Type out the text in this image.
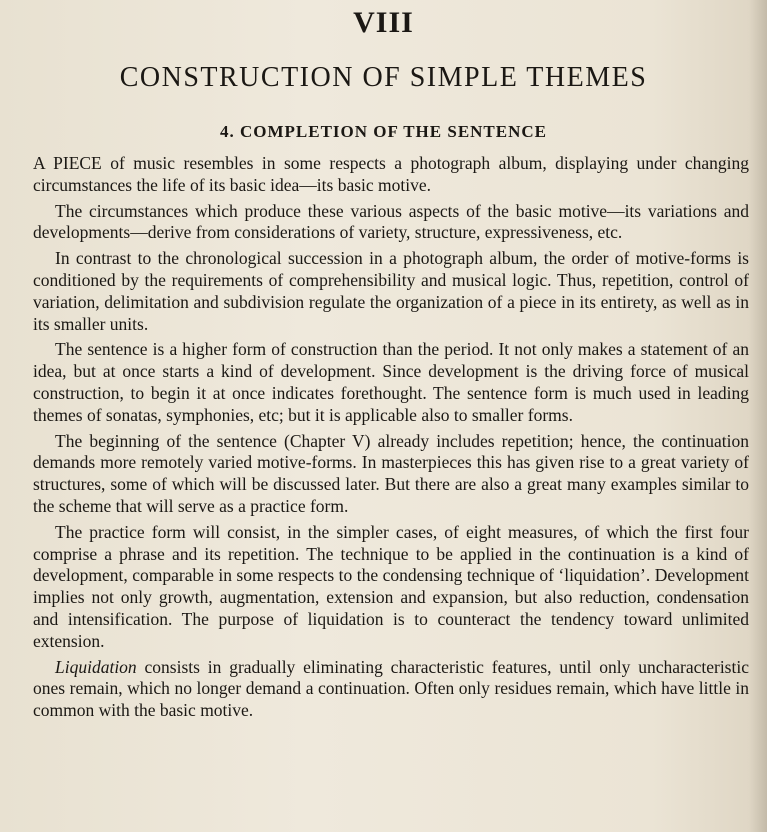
VIII
CONSTRUCTION OF SIMPLE THEMES
4. COMPLETION OF THE SENTENCE

A PIECE of music resembles in some respects a photograph album, displaying under changing circumstances the life of its basic idea—its basic motive.

The circumstances which produce these various aspects of the basic motive—its variations and developments—derive from considerations of variety, structure, expressiveness, etc.

In contrast to the chronological succession in a photograph album, the order of motive-forms is conditioned by the requirements of comprehensibility and musical logic. Thus, repetition, control of variation, delimitation and subdivision regulate the organization of a piece in its entirety, as well as in its smaller units.

The sentence is a higher form of construction than the period. It not only makes a statement of an idea, but at once starts a kind of development. Since development is the driving force of musical construction, to begin it at once indicates forethought. The sentence form is much used in leading themes of sonatas, symphonies, etc; but it is applicable also to smaller forms.

The beginning of the sentence (Chapter V) already includes repetition; hence, the continuation demands more remotely varied motive-forms. In masterpieces this has given rise to a great variety of structures, some of which will be discussed later. But there are also a great many examples similar to the scheme that will serve as a practice form.

The practice form will consist, in the simpler cases, of eight measures, of which the first four comprise a phrase and its repetition. The technique to be applied in the continuation is a kind of development, comparable in some respects to the condensing technique of ‘liquidation’. Development implies not only growth, augmentation, extension and expansion, but also reduction, condensation and intensification. The purpose of liquidation is to counteract the tendency toward unlimited extension.

Liquidation consists in gradually eliminating characteristic features, until only uncharacteristic ones remain, which no longer demand a continuation. Often only residues remain, which have little in common with the basic motive.
